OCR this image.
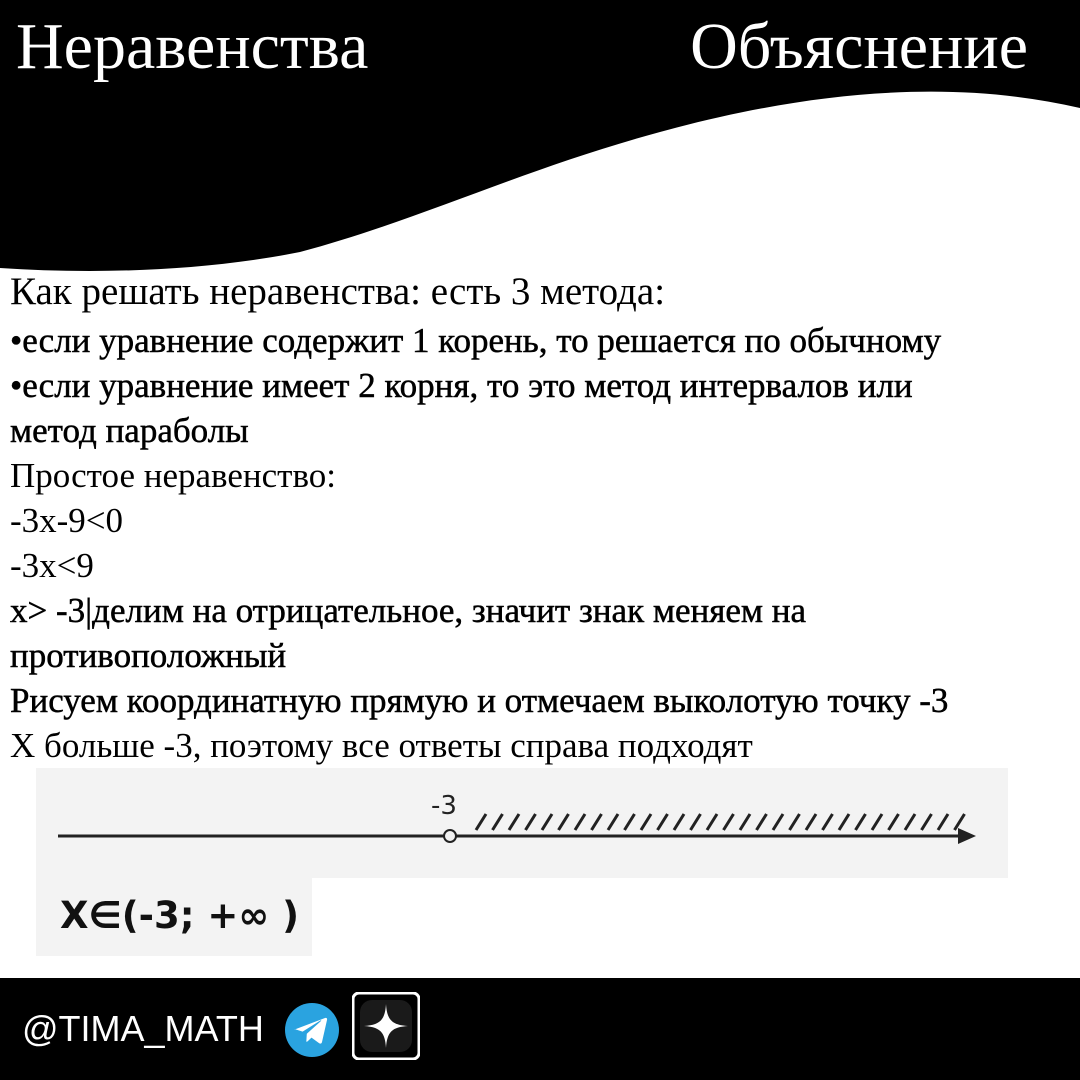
Неравенства	Объяснение

Как решать неравенства: есть 3 метода:

•если уравнение содержит 1 корень, то решается по обычному

•если уравнение имеет 2 корня, то это метод интервалов или

метод параболы

Простое неравенство:

-3x-9<0

-3x<9

x> -3|делим на отрицательное, значит знак меняем на

противоположный

Рисуем координатную прямую и отмечаем выколотую точку -3

X больше -3, поэтому все ответы справа подходят

-3

X∈(-3; +∞ )

@TIMA_MATH
